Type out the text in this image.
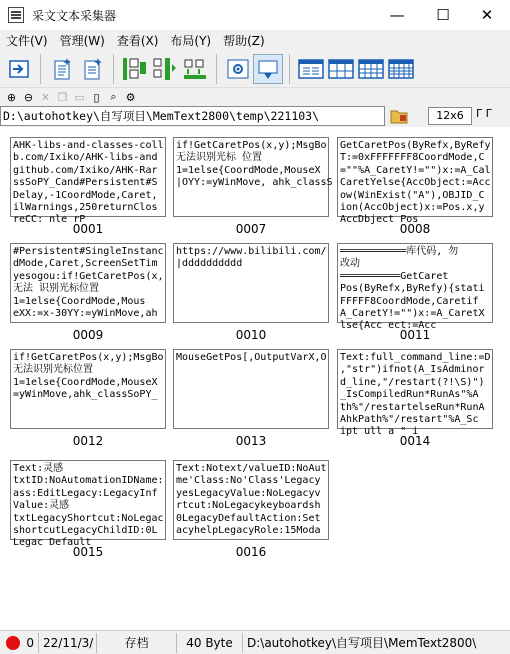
采文文本采集器	—	☐	✕
文件(V)	管理(W)	查看(X)	布局(Y)	帮助(Z)
⊕ ⊖ ✕ ❐ ▭ ▯ ⌕ ⚙
D:\autohotkey\自写项目\MemText2800\temp\221103\	12x6	Γ Γ
AHK-libs-and-classes-coll
b.com/Ixiko/AHK-libs-and
github.com/Ixiko/AHK-Rar
ssSoPY_Cand#Persistent#S
Delay,-1CoordMode,Caret,
ilWarnings,250returnClos
reCC: nle rP
0001
if!GetCaretPos(x,y);MsgBo
无法识别光标 位置
1=1else{CoordMode,MouseX
|OYY:=yWinMove, ahk_classS
0007
GetCaretPos(ByRefx,ByRefy
T:=0xFFFFFFF8CoordMode,C
=""%A_CaretY!="")x:=A_Cal
CaretYelse{AccObject:=Acc
ow(WinExist("A"),OBJID_C
ion(AccObject)x:=Pos.x,y
AccDbject Pos
0008
#Persistent#SingleInstanc
dMode,Caret,ScreenSetTim
yesogou:if!GetCaretPos(x,
无法 识别光标位置
1=1else{CoordMode,Mous
eXX:=x-30YY:=yWinMove,ah
0009
https://www.bilibili.com/
|dddddddddd
0010
═══════════库代码, 勿
改动
══════════GetCaret
Pos(ByRefx,ByRefy){stati
FFFFF8CoordMode,Caretif
A_CaretY!="")x:=A_CaretX
lse{Acc ect:=Acc
0011
if!GetCaretPos(x,y);MsgBo
无法识别光标位置
1=1else{CoordMode,MouseX
=yWinMove,ahk_classSoPY_
0012
MouseGetPos[,OutputVarX,O
0013
Text:full_command_line:=D
,"str")ifnot(A_IsAdminor
d_line,"/restart(?!\S)")
_IsCompiledRun*RunAs"%A
th%"/restartelseRun*RunA
AhkPath%"/restart"%A_Sc
ipt ull a " i
0014
Text:灵感
txtID:NoAutomationIDName:
ass:EditLegacy:LegacyInf
Value:灵感
txtLegacyShortcut:NoLegac
shortcutLegacyChildID:0L
Legac Default
0015
Text:Notext/valueID:NoAut
me'Class:No'Class'Legacy
yesLegacyValue:NoLegacyv
rtcut:NoLegacykeyboardsh
0LegacyDefaultAction:Set
acyhelpLegacyRole:15Moda
0016
0 22/11/3/	存档	40 Byte	D:\autohotkey\自写项目\MemText2800\
